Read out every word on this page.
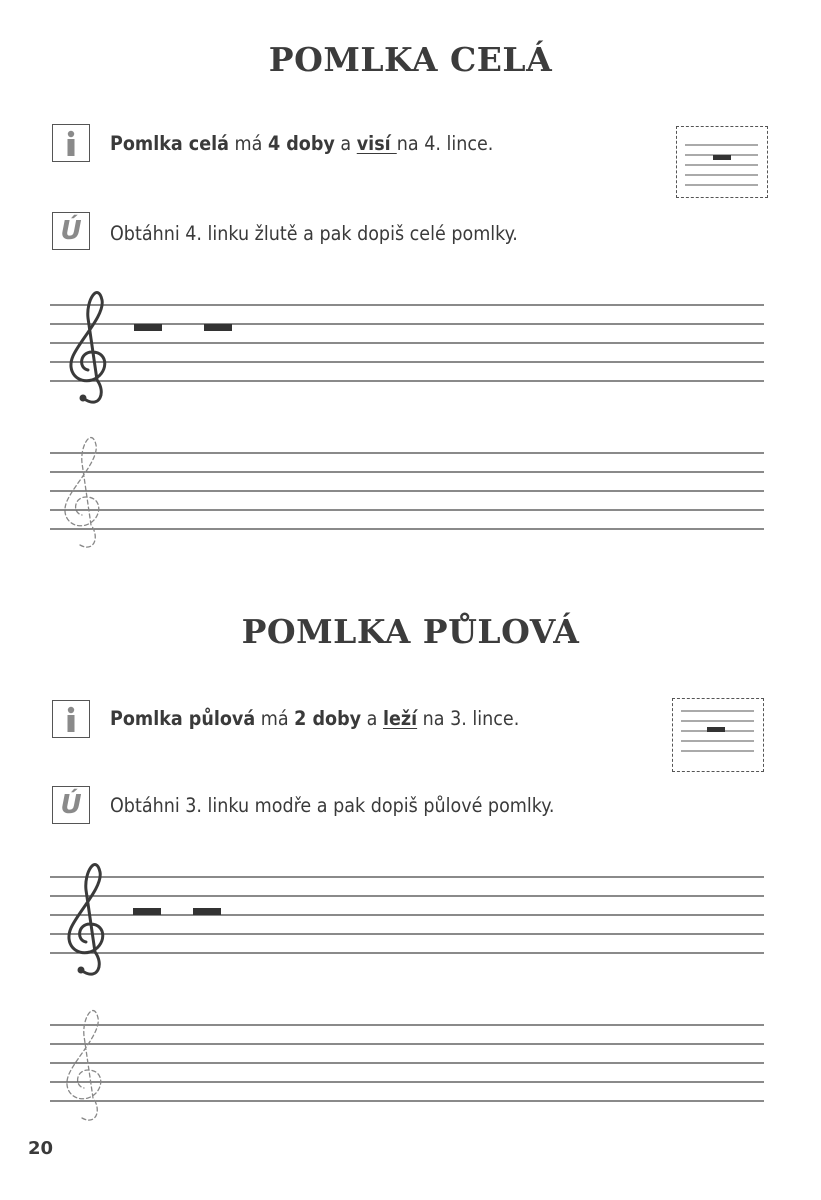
POMLKA CELÁ
Pomlka celá má 4 doby a visí na 4. lince.
Ú	Obtáhni 4. linku žlutě a pak dopiš celé pomlky.
POMLKA PŮLOVÁ
Pomlka půlová má 2 doby a leží na 3. lince.
Ú	Obtáhni 3. linku modře a pak dopiš půlové pomlky.
20
